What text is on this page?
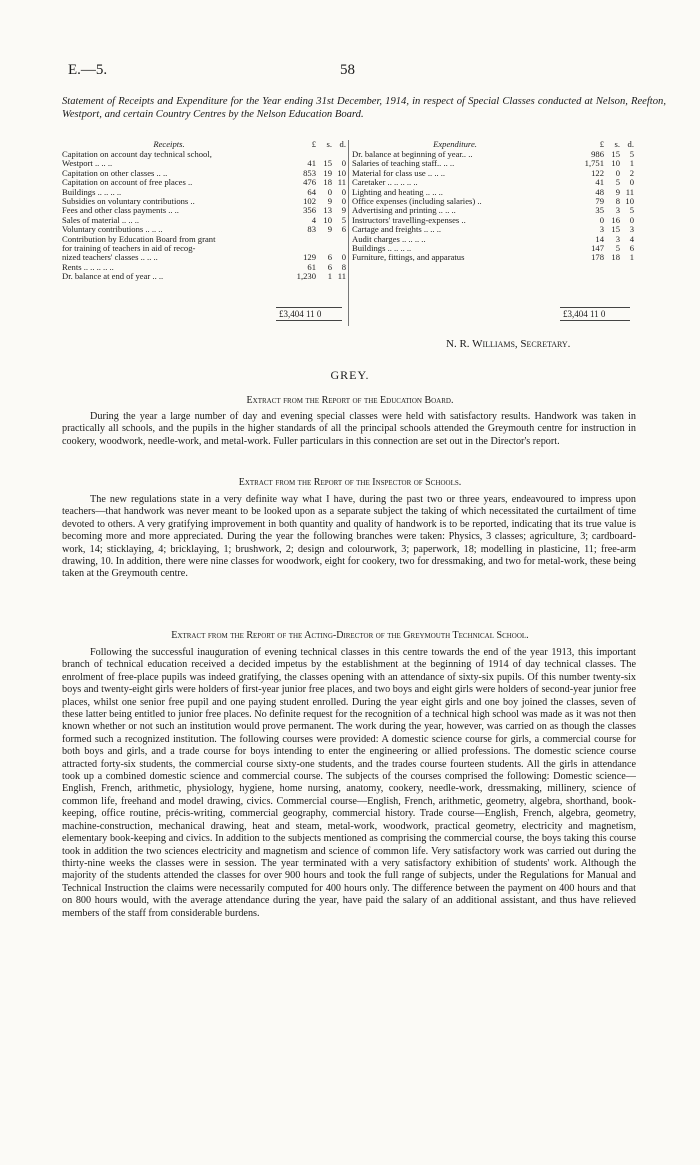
E.—5.	58
Statement of Receipts and Expenditure for the Year ending 31st December, 1914, in respect of Special Classes conducted at Nelson, Reefton, Westport, and certain Country Centres by the Nelson Education Board.
Receipts.	£	s. d.
Capitation on account day technical school,
Westport .. .. ..	41 15	0
Capitation on other classes .. ..	853 19 10
Capitation on account of free places ..	476 18 11
Buildings .. .. .. ..	64	0	0
Subsidies on voluntary contributions ..	102	9	0
Fees and other class payments .. ..	356 13	9
Sales of material .. .. ..	4 10	5
Voluntary contributions .. .. ..	83	9	6
Contribution by Education Board from grant
for training of teachers in aid of recog-
nized teachers' classes .. .. ..	129	6	0
Rents .. .. .. .. ..	61	6	8
Dr. balance at end of year .. ..	1,230	1 11
Expenditure.	£	s. d.
Dr. balance at beginning of year.. ..	986 15	5
Salaries of teaching staff.. .. ..	1,751 10	1
Material for class use .. .. ..	122	0	2
Caretaker .. .. .. .. ..	41	5	0
Lighting and heating .. .. ..	48	9 11
Office expenses (including salaries) ..	79	8 10
Advertising and printing .. .. ..	35	3	5
Instructors' travelling-expenses ..	0 16	0
Cartage and freights .. .. ..	3 15	3
Audit charges .. .. .. ..	14	3	4
Buildings .. .. .. ..	147	5	6
Furniture, fittings, and apparatus	178 18	1
£3,404 11 0	£3,404 11 0
N. R. Williams, Secretary.
GREY.
Extract from the Report of the Education Board.

During the year a large number of day and evening special classes were held with satisfactory results. Handwork was taken in practically all schools, and the pupils in the higher standards of all the principal schools attended the Greymouth centre for instruction in cookery, woodwork, needle-work, and metal-work. Fuller particulars in this connection are set out in the Director's report.

Extract from the Report of the Inspector of Schools.

The new regulations state in a very definite way what I have, during the past two or three years, endeavoured to impress upon teachers—that handwork was never meant to be looked upon as a separate subject the taking of which necessitated the curtailment of time devoted to others. A very gratifying improvement in both quantity and quality of handwork is to be reported, indicating that its true value is becoming more and more appreciated. During the year the following branches were taken: Physics, 3 classes; agriculture, 3; cardboard-work, 14; sticklaying, 4; bricklaying, 1; brushwork, 2; design and colourwork, 3; paperwork, 18; modelling in plasticine, 11; free-arm drawing, 10. In addition, there were nine classes for woodwork, eight for cookery, two for dressmaking, and two for metal-work, these being taken at the Greymouth centre.

Extract from the Report of the Acting-Director of the Greymouth Technical School.

Following the successful inauguration of evening technical classes in this centre towards the end of the year 1913, this important branch of technical education received a decided impetus by the establishment at the beginning of 1914 of day technical classes. The enrolment of free-place pupils was indeed gratifying, the classes opening with an attendance of sixty-six pupils. Of this number twenty-six boys and twenty-eight girls were holders of first-year junior free places, and two boys and eight girls were holders of second-year junior free places, whilst one senior free pupil and one paying student enrolled. During the year eight girls and one boy joined the classes, seven of these latter being entitled to junior free places. No definite request for the recognition of a technical high school was made as it was not then known whether or not such an institution would prove permanent. The work during the year, however, was carried on as though the classes formed such a recognized institution. The following courses were provided: A domestic science course for girls, a commercial course for both boys and girls, and a trade course for boys intending to enter the engineering or allied professions. The domestic science course attracted forty-six students, the commercial course sixty-one students, and the trades course fourteen students. All the girls in attendance took up a combined domestic science and commercial course. The subjects of the courses comprised the following: Domestic science—English, French, arithmetic, physiology, hygiene, home nursing, anatomy, cookery, needle-work, dressmaking, millinery, science of common life, freehand and model drawing, civics. Commercial course—English, French, arithmetic, geometry, algebra, shorthand, book-keeping, office routine, précis-writing, commercial geography, commercial history. Trade course—English, French, algebra, geometry, machine-construction, mechanical drawing, heat and steam, metal-work, woodwork, practical geometry, electricity and magnetism, elementary book-keeping and civics. In addition to the subjects mentioned as comprising the commercial course, the boys taking this course took in addition the two sciences electricity and magnetism and science of common life. Very satisfactory work was carried out during the thirty-nine weeks the classes were in session. The year terminated with a very satisfactory exhibition of students' work. Although the majority of the students attended the classes for over 900 hours and took the full range of subjects, under the Regulations for Manual and Technical Instruction the claims were necessarily computed for 400 hours only. The difference between the payment on 400 hours and that on 800 hours would, with the average attendance during the year, have paid the salary of an additional assistant, and thus have relieved members of the staff from considerable burdens.
